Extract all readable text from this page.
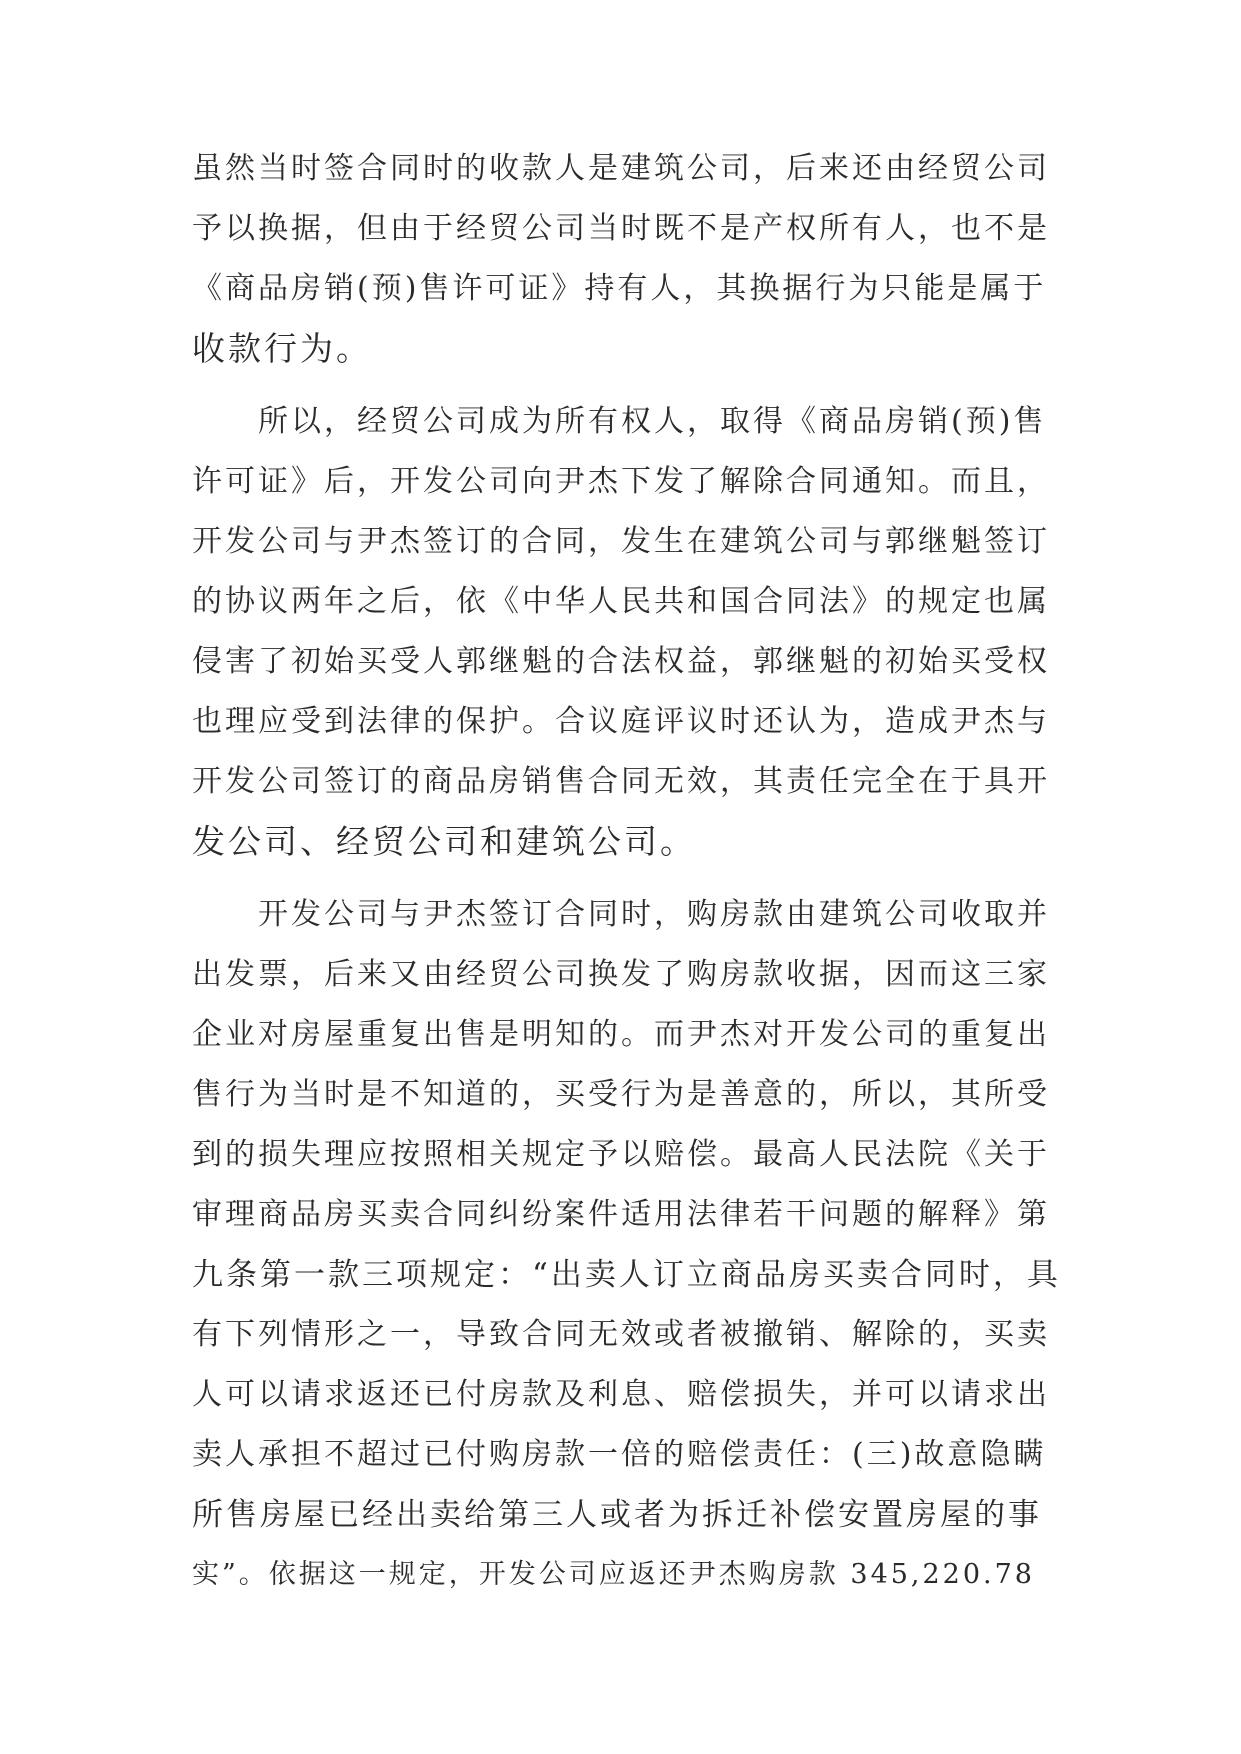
虽然当时签合同时的收款人是建筑公司，后来还由经贸公司
予以换据，但由于经贸公司当时既不是产权所有人，也不是
《商品房销(预)售许可证》持有人，其换据行为只能是属于
收款行为。
所以，经贸公司成为所有权人，取得《商品房销(预)售
许可证》后，开发公司向尹杰下发了解除合同通知。而且，
开发公司与尹杰签订的合同，发生在建筑公司与郭继魁签订
的协议两年之后，依《中华人民共和国合同法》的规定也属
侵害了初始买受人郭继魁的合法权益，郭继魁的初始买受权
也理应受到法律的保护。合议庭评议时还认为，造成尹杰与
开发公司签订的商品房销售合同无效，其责任完全在于具开
发公司、经贸公司和建筑公司。
开发公司与尹杰签订合同时，购房款由建筑公司收取并
出发票，后来又由经贸公司换发了购房款收据，因而这三家
企业对房屋重复出售是明知的。而尹杰对开发公司的重复出
售行为当时是不知道的，买受行为是善意的，所以，其所受
到的损失理应按照相关规定予以赔偿。最高人民法院《关于
审理商品房买卖合同纠纷案件适用法律若干问题的解释》第
九条第一款三项规定：“出卖人订立商品房买卖合同时，具
有下列情形之一，导致合同无效或者被撤销、解除的，买卖
人可以请求返还已付房款及利息、赔偿损失，并可以请求出
卖人承担不超过已付购房款一倍的赔偿责任：(三)故意隐瞒
所售房屋已经出卖给第三人或者为拆迁补偿安置房屋的事
实”。依据这一规定，开发公司应返还尹杰购房款 345,220.78
